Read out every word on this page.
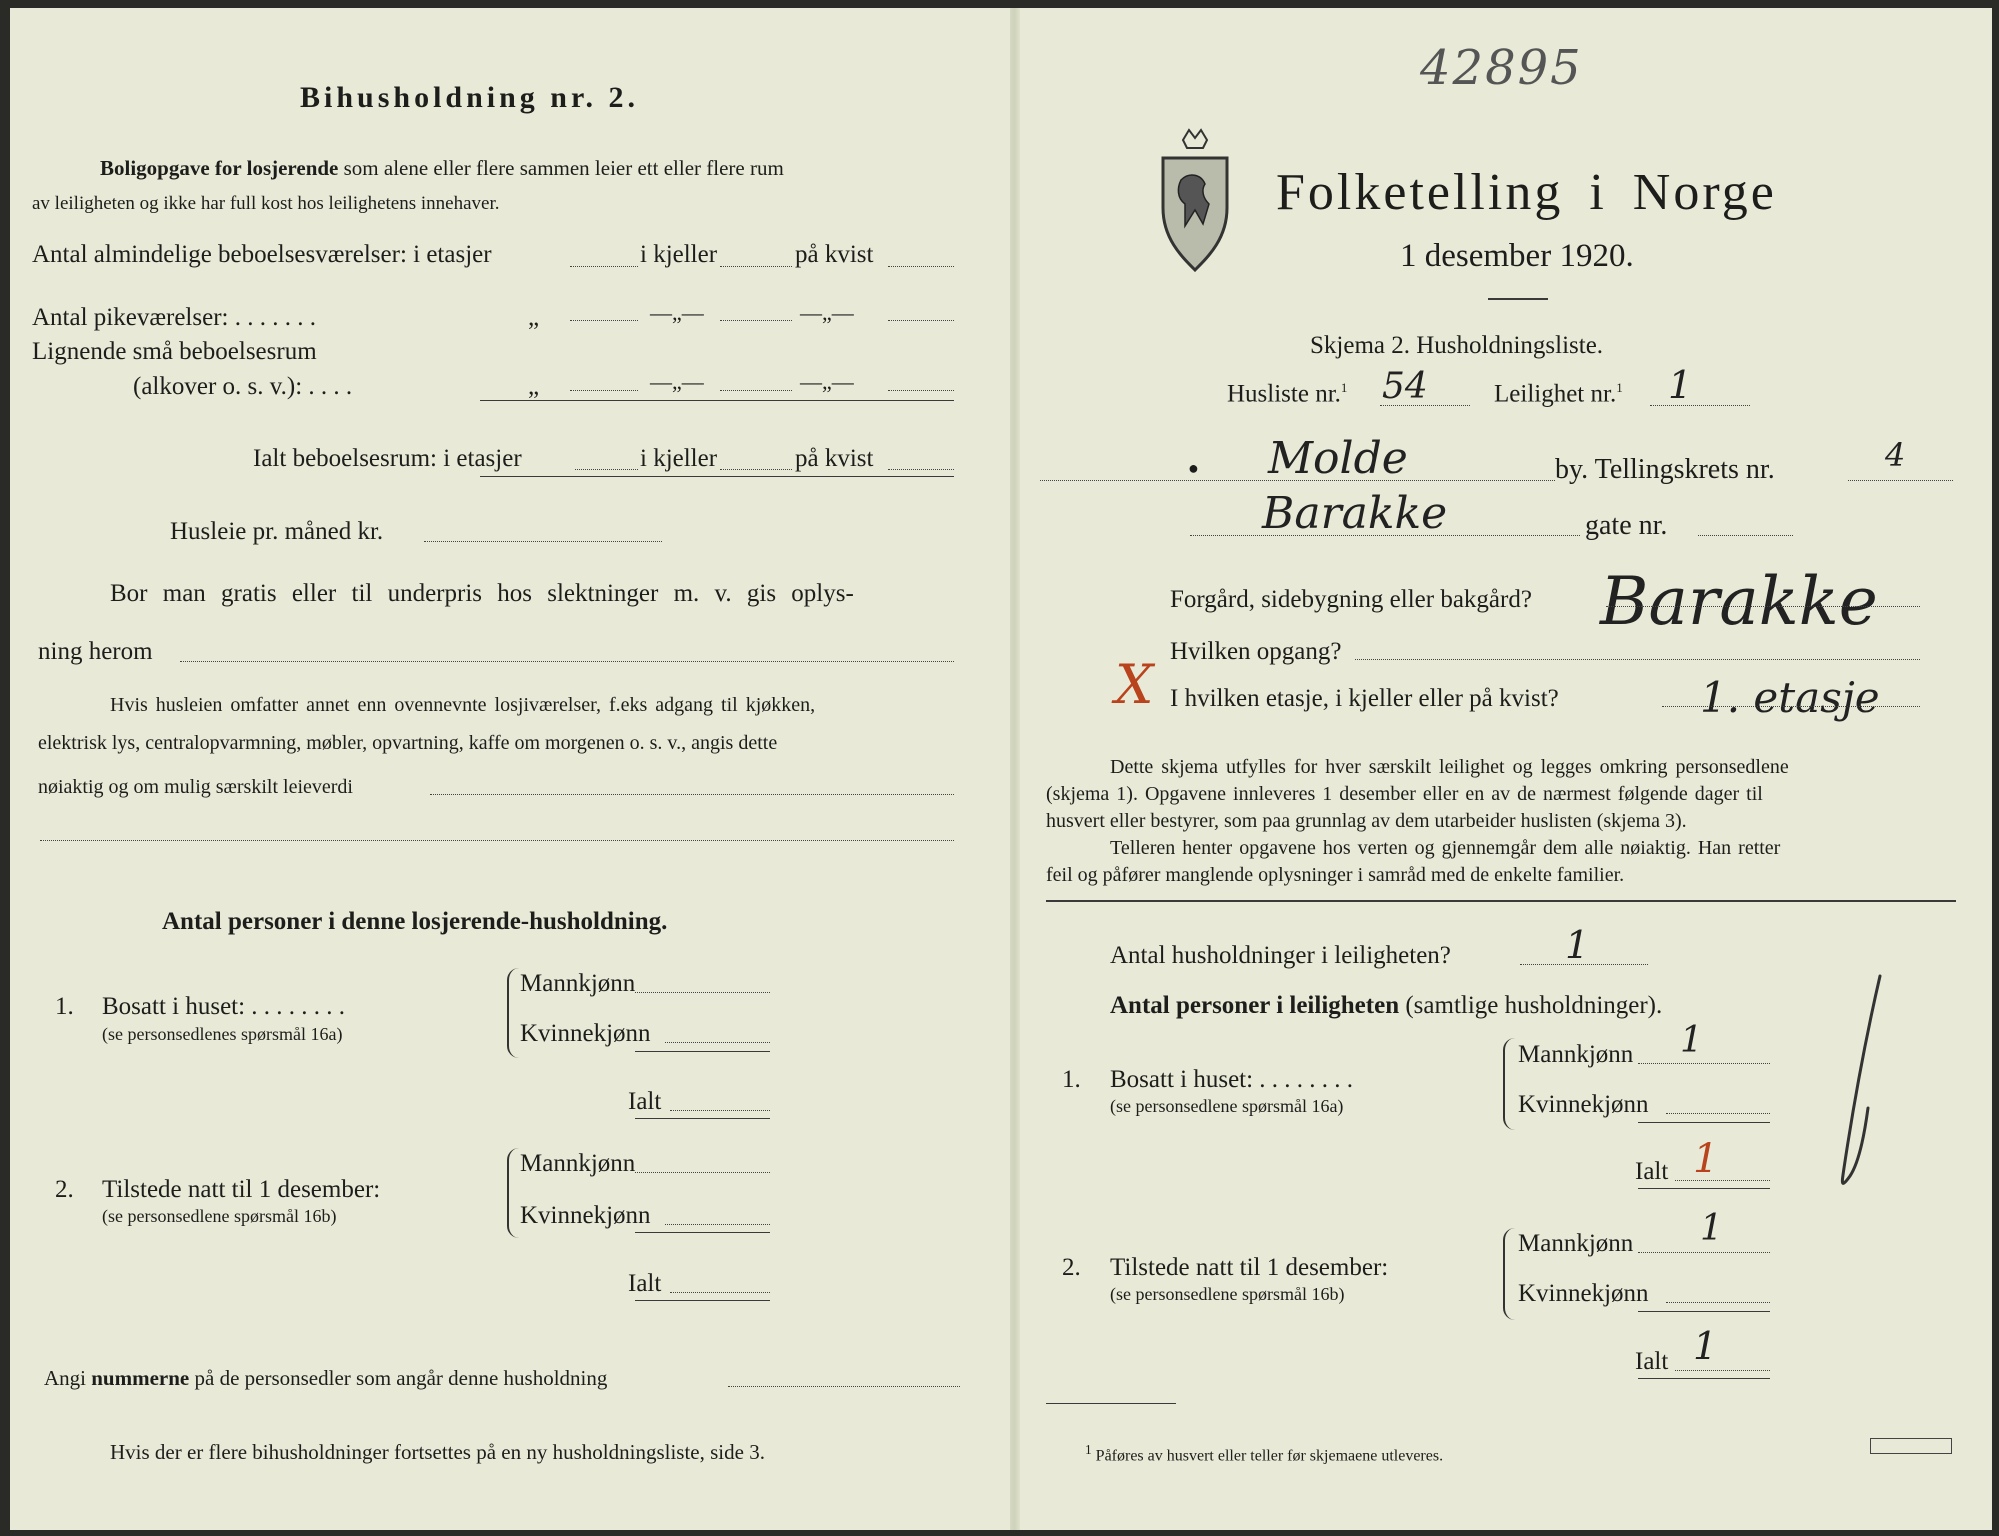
Bihusholdning nr. 2.
Boligopgave for losjerende som alene eller flere sammen leier ett eller flere rum
av leiligheten og ikke har full kost hos leilighetens innehaver.
Antal almindelige beboelsesværelser: i etasjer	i kjeller	på kvist
Antal pikeværelser: . . . . . . .	„	—„—	—„—
Lignende små beboelsesrum
(alkover o. s. v.): . . . .	„	—„—	—„—
Ialt beboelsesrum: i etasjer	i kjeller	på kvist
Husleie pr. måned kr.
Bor man gratis eller til underpris hos slektninger m. v. gis oplys-
ning herom
Hvis husleien omfatter annet enn ovennevnte losjiværelser, f.eks adgang til kjøkken,
elektrisk lys, centralopvarmning, møbler, opvartning, kaffe om morgenen o. s. v., angis dette
nøiaktig og om mulig særskilt leieverdi
Antal personer i denne losjerende-husholdning.
1. Bosatt i huset: . . . . . . . .
(se personsedlenes spørsmål 16a)
Mannkjønn
Kvinnekjønn
Ialt
2. Tilstede natt til 1 desember:
(se personsedlene spørsmål 16b)
Mannkjønn
Kvinnekjønn
Ialt
Angi nummerne på de personsedler som angår denne husholdning
Hvis der er flere bihusholdninger fortsettes på en ny husholdningsliste, side 3.
42895
Folketelling i Norge
1 desember 1920.
Skjema 2. Husholdningsliste.
Husliste nr.$^1$ 54	Leilighet nr.$^1$ 1
● Molde	by. Tellingskrets nr.	4
Barakke	gate nr.
Forgård, sidebygning eller bakgård? Barakke
Hvilken opgang?
X I hvilken etasje, i kjeller eller på kvist?	1. etasje
Dette skjema utfylles for hver særskilt leilighet og legges omkring personsedlene
(skjema 1). Opgavene innleveres 1 desember eller en av de nærmest følgende dager til
husvert eller bestyrer, som paa grunnlag av dem utarbeider huslisten (skjema 3).
Telleren henter opgavene hos verten og gjennemgår dem alle nøiaktig. Han retter
feil og påfører manglende oplysninger i samråd med de enkelte familier.
Antal husholdninger i leiligheten?	1
Antal personer i leiligheten (samtlige husholdninger).
1. Bosatt i huset: . . . . . . . .
(se personsedlene spørsmål 16a)
Mannkjønn 1
Kvinnekjønn
Ialt 1
2. Tilstede natt til 1 desember:
(se personsedlene spørsmål 16b)
Mannkjønn 1
Kvinnekjønn
Ialt 1
$^1$ Påføres av husvert eller teller før skjemaene utleveres.
